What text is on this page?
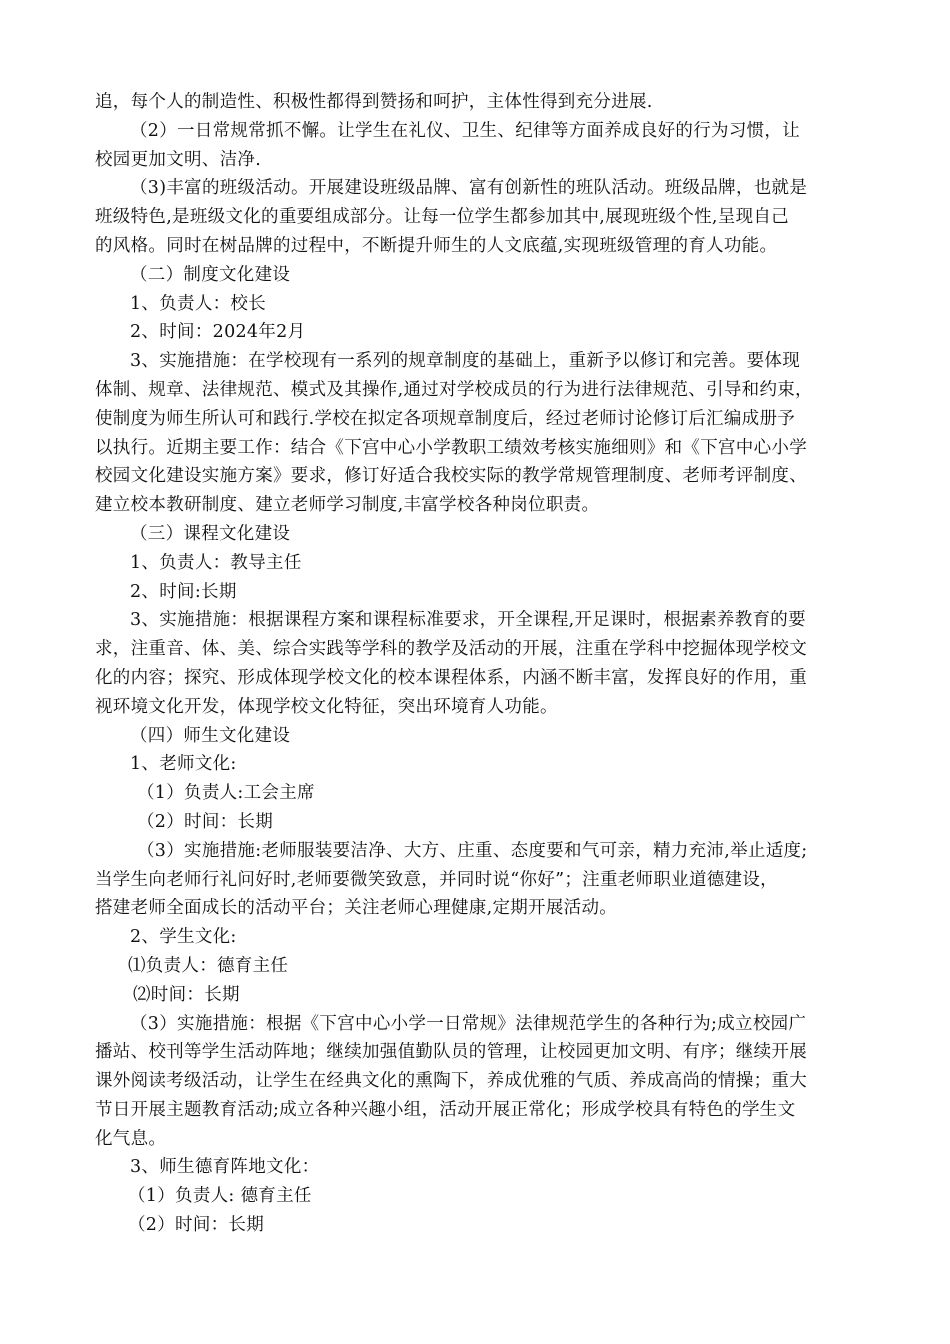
追，每个人的制造性、积极性都得到赞扬和呵护，主体性得到充分进展.
（2）一日常规常抓不懈。让学生在礼仪、卫生、纪律等方面养成良好的行为习惯，让
校园更加文明、洁净.
（3)丰富的班级活动。开展建设班级品牌、富有创新性的班队活动。班级品牌，也就是
班级特色,是班级文化的重要组成部分。让每一位学生都参加其中,展现班级个性,呈现自己
的风格。同时在树品牌的过程中，不断提升师生的人文底蕴,实现班级管理的育人功能。
（二）制度文化建设
1、负责人：校长
2、时间：2024年2月
3、实施措施：在学校现有一系列的规章制度的基础上，重新予以修订和完善。要体现
体制、规章、法律规范、模式及其操作,通过对学校成员的行为进行法律规范、引导和约束，
使制度为师生所认可和践行.学校在拟定各项规章制度后，经过老师讨论修订后汇编成册予
以执行。近期主要工作：结合《下宫中心小学教职工绩效考核实施细则》和《下宫中心小学
校园文化建设实施方案》要求，修订好适合我校实际的教学常规管理制度、老师考评制度、
建立校本教研制度、建立老师学习制度,丰富学校各种岗位职责。
（三）课程文化建设
1、负责人：教导主任
2、时间:长期
3、实施措施：根据课程方案和课程标准要求，开全课程,开足课时，根据素养教育的要
求，注重音、体、美、综合实践等学科的教学及活动的开展，注重在学科中挖掘体现学校文
化的内容；探究、形成体现学校文化的校本课程体系，内涵不断丰富，发挥良好的作用，重
视环境文化开发，体现学校文化特征，突出环境育人功能。
（四）师生文化建设
1、老师文化:
（1）负责人:工会主席
（2）时间：长期
（3）实施措施:老师服装要洁净、大方、庄重、态度要和气可亲，精力充沛,举止适度;
当学生向老师行礼问好时,老师要微笑致意，并同时说“你好”；注重老师职业道德建设，
搭建老师全面成长的活动平台；关注老师心理健康,定期开展活动。
2、学生文化:
⑴负责人：德育主任
⑵时间：长期
（3）实施措施：根据《下宫中心小学一日常规》法律规范学生的各种行为;成立校园广
播站、校刊等学生活动阵地；继续加强值勤队员的管理，让校园更加文明、有序；继续开展
课外阅读考级活动，让学生在经典文化的熏陶下，养成优雅的气质、养成高尚的情操；重大
节日开展主题教育活动;成立各种兴趣小组，活动开展正常化；形成学校具有特色的学生文
化气息。
3、师生德育阵地文化：
（1）负责人: 德育主任
（2）时间：长期
